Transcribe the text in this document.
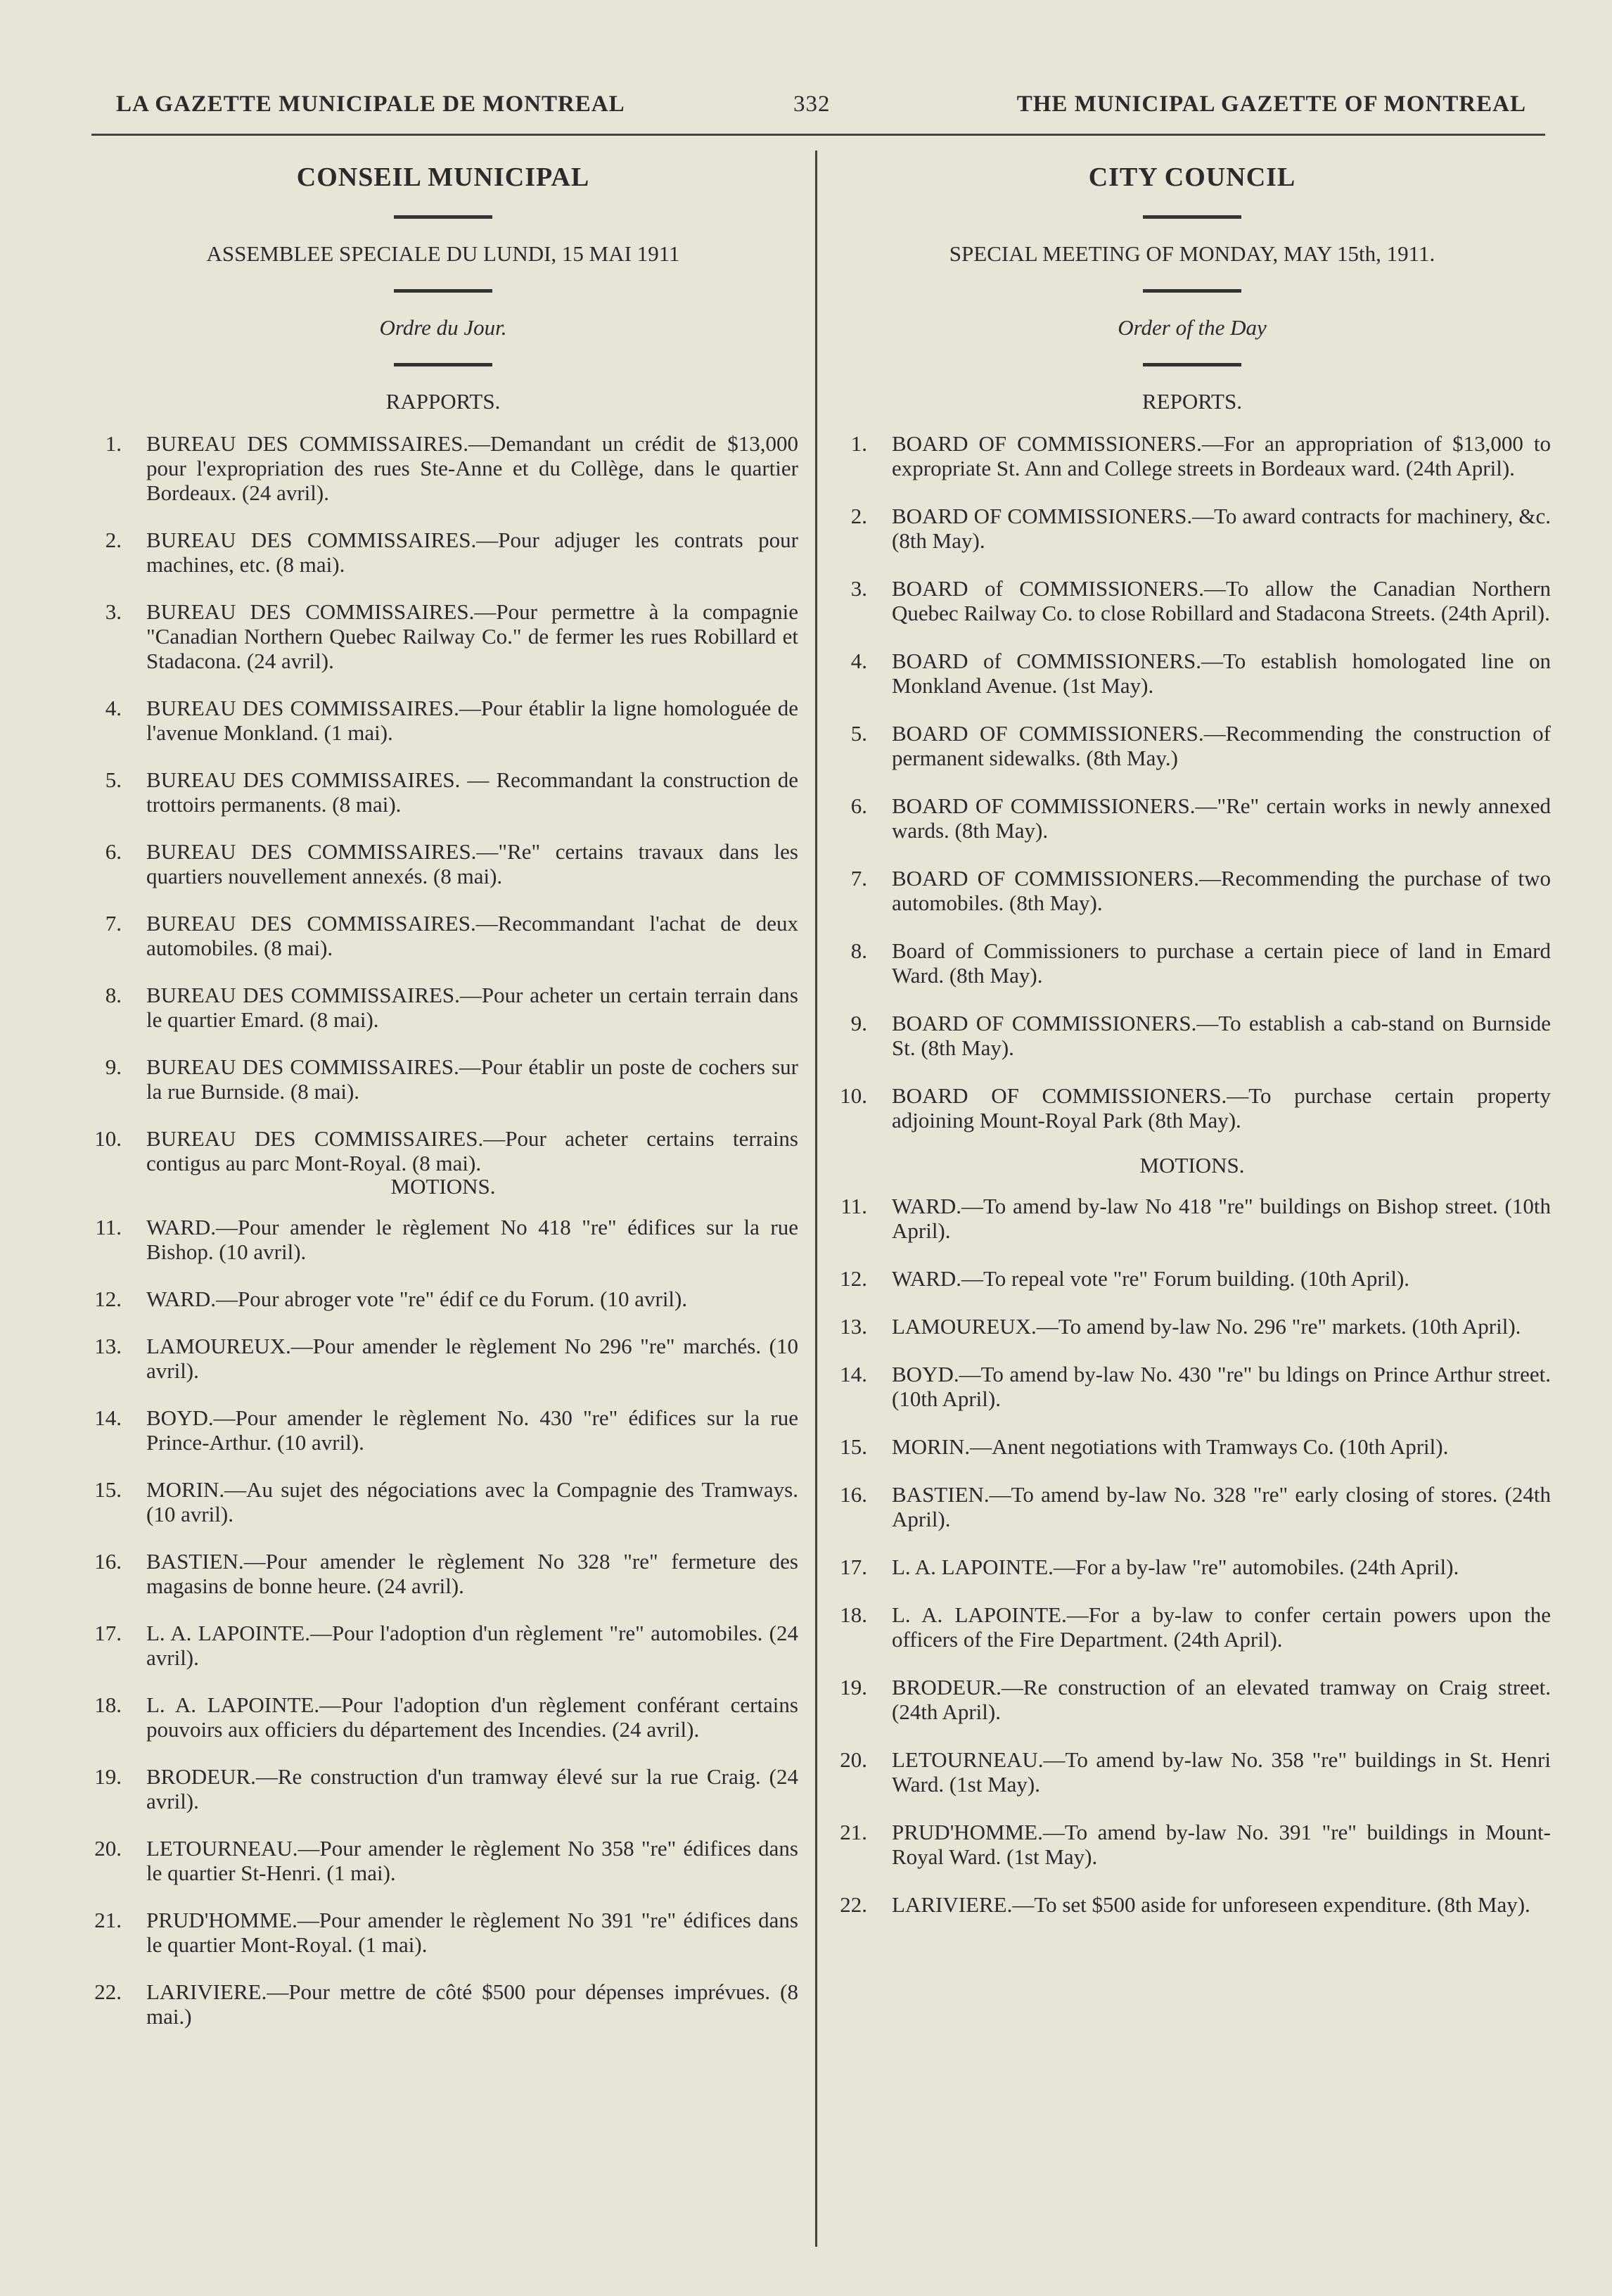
LA GAZETTE MUNICIPALE DE MONTREAL	332	THE MUNICIPAL GAZETTE OF MONTREAL
CONSEIL MUNICIPAL

ASSEMBLEE SPECIALE DU LUNDI, 15 MAI 1911

Ordre du Jour.

RAPPORTS.

1. BUREAU DES COMMISSAIRES.—Demandant un crédit de $13,000 pour l'expropriation des rues Ste-Anne et du Collège, dans le quartier Bordeaux. (24 avril).
2. BUREAU DES COMMISSAIRES.—Pour adjuger les contrats pour machines, etc. (8 mai).
3. BUREAU DES COMMISSAIRES.—Pour permettre à la compagnie "Canadian Northern Quebec Railway Co." de fermer les rues Robillard et Stadacona. (24 avril).
4. BUREAU DES COMMISSAIRES.—Pour établir la ligne homologuée de l'avenue Monkland. (1 mai).
5. BUREAU DES COMMISSAIRES. — Recommandant la construction de trottoirs permanents. (8 mai).
6. BUREAU DES COMMISSAIRES.—"Re" certains travaux dans les quartiers nouvellement annexés. (8 mai).
7. BUREAU DES COMMISSAIRES.—Recommandant l'achat de deux automobiles. (8 mai).
8. BUREAU DES COMMISSAIRES.—Pour acheter un certain terrain dans le quartier Emard. (8 mai).
9. BUREAU DES COMMISSAIRES.—Pour établir un poste de cochers sur la rue Burnside. (8 mai).
10. BUREAU DES COMMISSAIRES.—Pour acheter certains terrains contigus au parc Mont-Royal. (8 mai).

MOTIONS.

11. WARD.—Pour amender le règlement No 418 "re" édifices sur la rue Bishop. (10 avril).
12. WARD.—Pour abroger vote "re" édif ce du Forum. (10 avril).
13. LAMOUREUX.—Pour amender le règlement No 296 "re" marchés. (10 avril).
14. BOYD.—Pour amender le règlement No. 430 "re" édifices sur la rue Prince-Arthur. (10 avril).
15. MORIN.—Au sujet des négociations avec la Compagnie des Tramways. (10 avril).
16. BASTIEN.—Pour amender le règlement No 328 "re" fermeture des magasins de bonne heure. (24 avril).
17. L. A. LAPOINTE.—Pour l'adoption d'un règlement "re" automobiles. (24 avril).
18. L. A. LAPOINTE.—Pour l'adoption d'un règlement conférant certains pouvoirs aux officiers du département des Incendies. (24 avril).
19. BRODEUR.—Re construction d'un tramway élevé sur la rue Craig. (24 avril).
20. LETOURNEAU.—Pour amender le règlement No 358 "re" édifices dans le quartier St-Henri. (1 mai).
21. PRUD'HOMME.—Pour amender le règlement No 391 "re" édifices dans le quartier Mont-Royal. (1 mai).
22. LARIVIERE.—Pour mettre de côté $500 pour dépenses imprévues. (8 mai.)
CITY COUNCIL

SPECIAL MEETING OF MONDAY, MAY 15th, 1911.

Order of the Day

REPORTS.

1. BOARD OF COMMISSIONERS.—For an appropriation of $13,000 to expropriate St. Ann and College streets in Bordeaux ward. (24th April).
2. BOARD OF COMMISSIONERS.—To award contracts for machinery, &c. (8th May).
3. BOARD of COMMISSIONERS.—To allow the Canadian Northern Quebec Railway Co. to close Robillard and Stadacona Streets. (24th April).
4. BOARD of COMMISSIONERS.—To establish homologated line on Monkland Avenue. (1st May).
5. BOARD OF COMMISSIONERS.—Recommending the construction of permanent sidewalks. (8th May.)
6. BOARD OF COMMISSIONERS.—"Re" certain works in newly annexed wards. (8th May).
7. BOARD OF COMMISSIONERS.—Recommending the purchase of two automobiles. (8th May).
8. Board of Commissioners to purchase a certain piece of land in Emard Ward. (8th May).
9. BOARD OF COMMISSIONERS.—To establish a cab-stand on Burnside St. (8th May).
10. BOARD OF COMMISSIONERS.—To purchase certain property adjoining Mount-Royal Park (8th May).

MOTIONS.

11. WARD.—To amend by-law No 418 "re" buildings on Bishop street. (10th April).
12. WARD.—To repeal vote "re" Forum building. (10th April).
13. LAMOUREUX.—To amend by-law No. 296 "re" markets. (10th April).
14. BOYD.—To amend by-law No. 430 "re" bu ldings on Prince Arthur street. (10th April).
15. MORIN.—Anent negotiations with Tramways Co. (10th April).
16. BASTIEN.—To amend by-law No. 328 "re" early closing of stores. (24th April).
17. L. A. LAPOINTE.—For a by-law "re" automobiles. (24th April).
18. L. A. LAPOINTE.—For a by-law to confer certain powers upon the officers of the Fire Department. (24th April).
19. BRODEUR.—Re construction of an elevated tramway on Craig street. (24th April).
20. LETOURNEAU.—To amend by-law No. 358 "re" buildings in St. Henri Ward. (1st May).
21. PRUD'HOMME.—To amend by-law No. 391 "re" buildings in Mount-Royal Ward. (1st May).
22. LARIVIERE.—To set $500 aside for unforeseen expenditure. (8th May).
